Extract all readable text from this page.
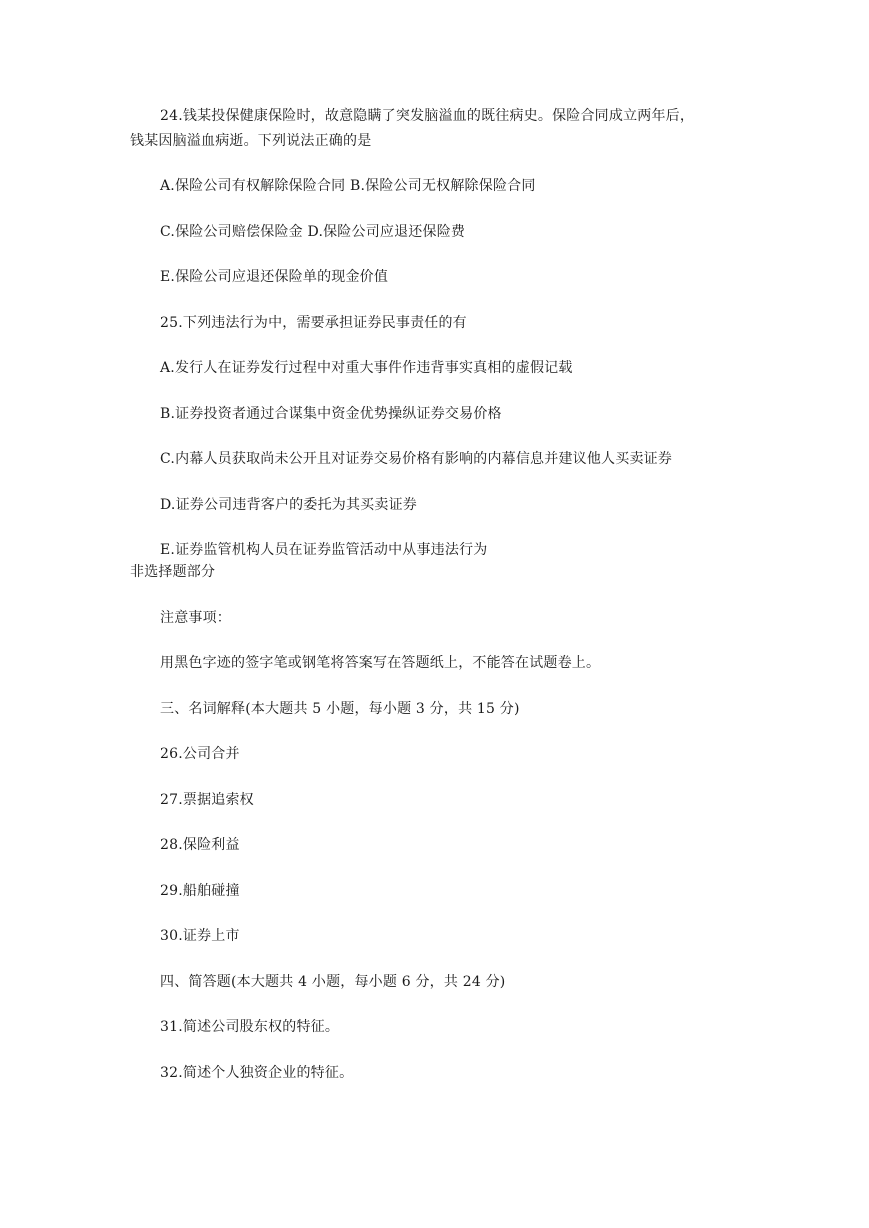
24.钱某投保健康保险时，故意隐瞒了突发脑溢血的既往病史。保险合同成立两年后，
钱某因脑溢血病逝。下列说法正确的是
A.保险公司有权解除保险合同 B.保险公司无权解除保险合同
C.保险公司赔偿保险金 D.保险公司应退还保险费
E.保险公司应退还保险单的现金价值
25.下列违法行为中，需要承担证券民事责任的有
A.发行人在证券发行过程中对重大事件作违背事实真相的虚假记载
B.证券投资者通过合谋集中资金优势操纵证券交易价格
C.内幕人员获取尚未公开且对证券交易价格有影响的内幕信息并建议他人买卖证券
D.证券公司违背客户的委托为其买卖证券
E.证券监管机构人员在证券监管活动中从事违法行为
非选择题部分
注意事项：
用黑色字迹的签字笔或钢笔将答案写在答题纸上，不能答在试题卷上。
三、名词解释(本大题共 5 小题，每小题 3 分，共 15 分)
26.公司合并
27.票据追索权
28.保险利益
29.船舶碰撞
30.证券上市
四、简答题(本大题共 4 小题，每小题 6 分，共 24 分)
31.简述公司股东权的特征。
32.简述个人独资企业的特征。
